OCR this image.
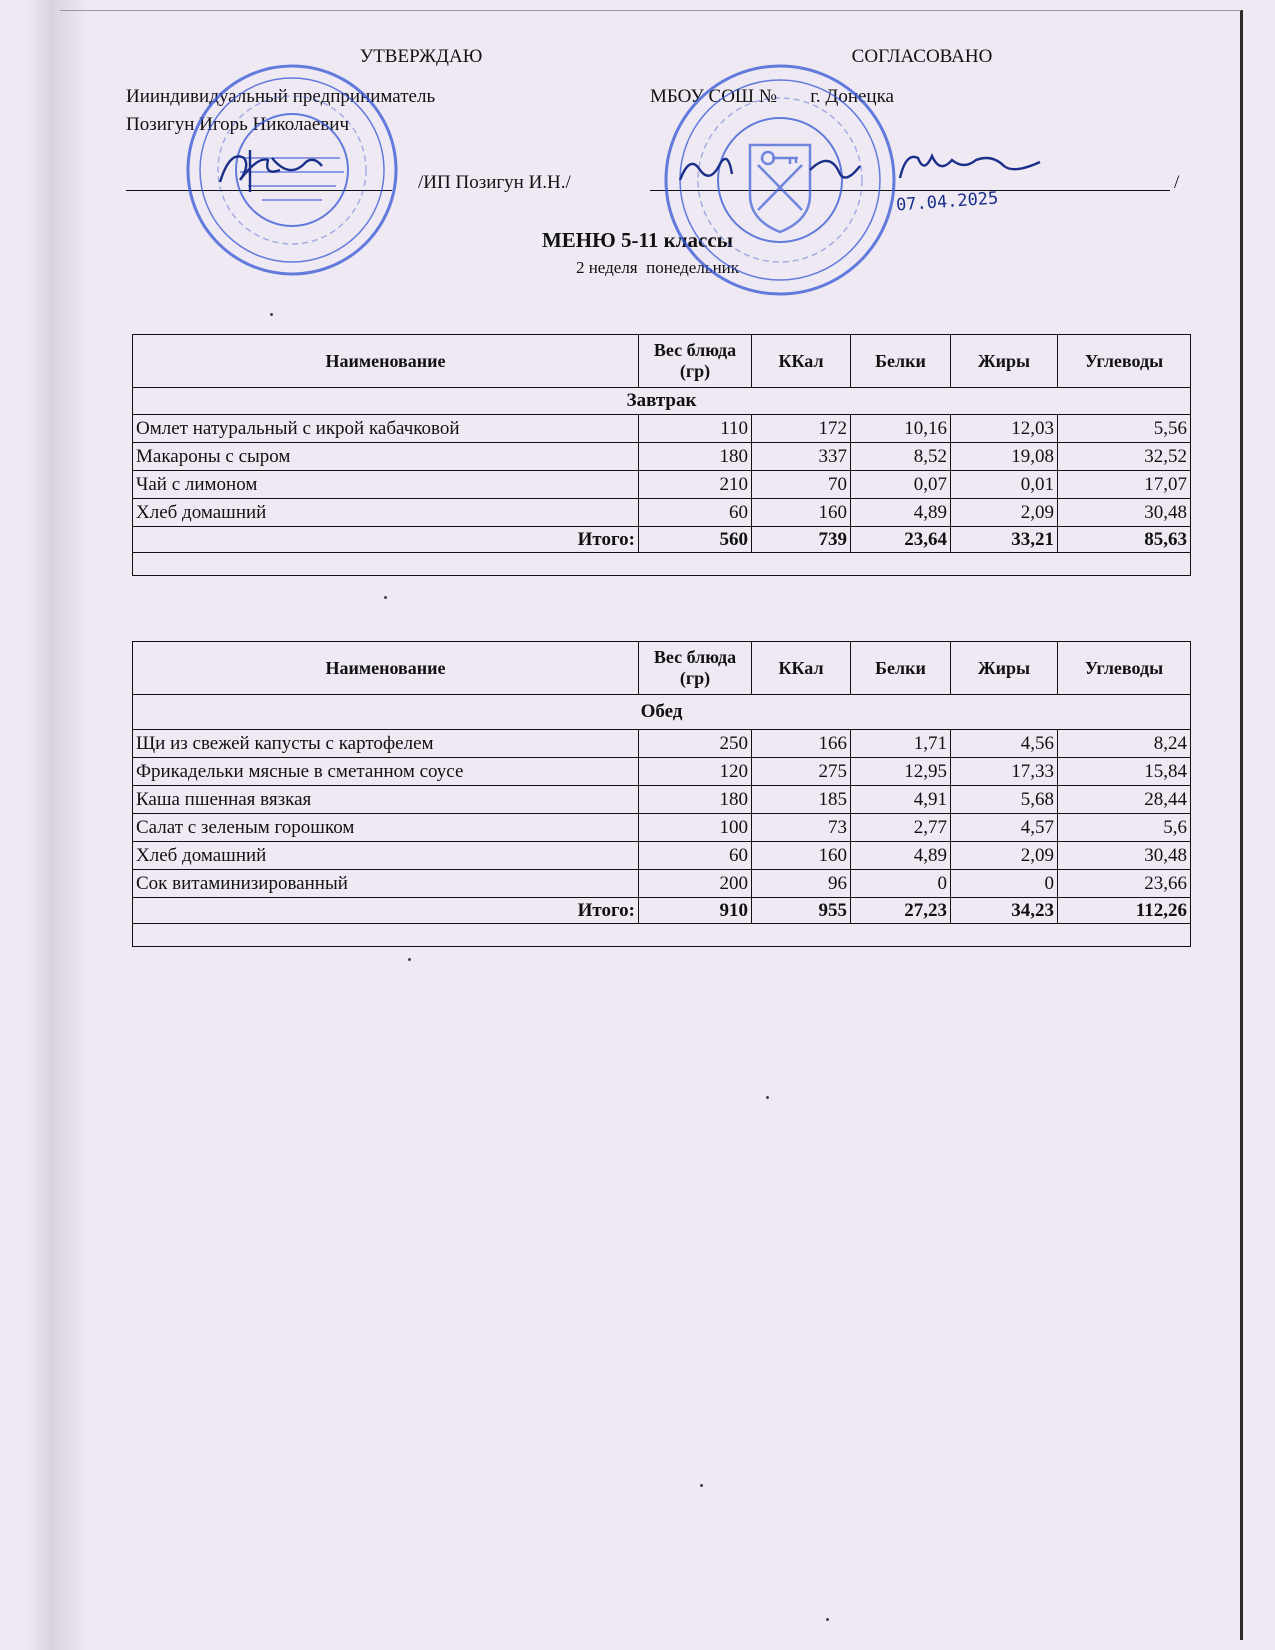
УТВЕРЖДАЮ
Иииндивидуальный предприниматель
Позигун Игорь Николаевич
/ИП Позигун И.Н./
СОГЛАСОВАНО
МБОУ СОШ №       г. Донецка
/
МЕНЮ 5-11 классы
2 неделя  понедельник
Наименование	Вес блюда (гр)	ККал	Белки	Жиры	Углеводы
Завтрак					
Омлет натуральный с икрой кабачковой	110	172	10,16	12,03	5,56
Макароны с сыром	180	337	8,52	19,08	32,52
Чай с лимоном	210	70	0,07	0,01	17,07
Хлеб домашний	60	160	4,89	2,09	30,48
Итого:	560	739	23,64	33,21	85,63

Наименование	Вес блюда (гр)	ККал	Белки	Жиры	Углеводы
Обед					
Щи из свежей капусты с картофелем	250	166	1,71	4,56	8,24
Фрикадельки мясные в сметанном соусе	120	275	12,95	17,33	15,84
Каша пшенная вязкая	180	185	4,91	5,68	28,44
Салат с зеленым горошком	100	73	2,77	4,57	5,6
Хлеб домашний	60	160	4,89	2,09	30,48
Сок витаминизированный	200	96	0	0	23,66
Итого:	910	955	27,23	34,23	112,26

07.04.2025
